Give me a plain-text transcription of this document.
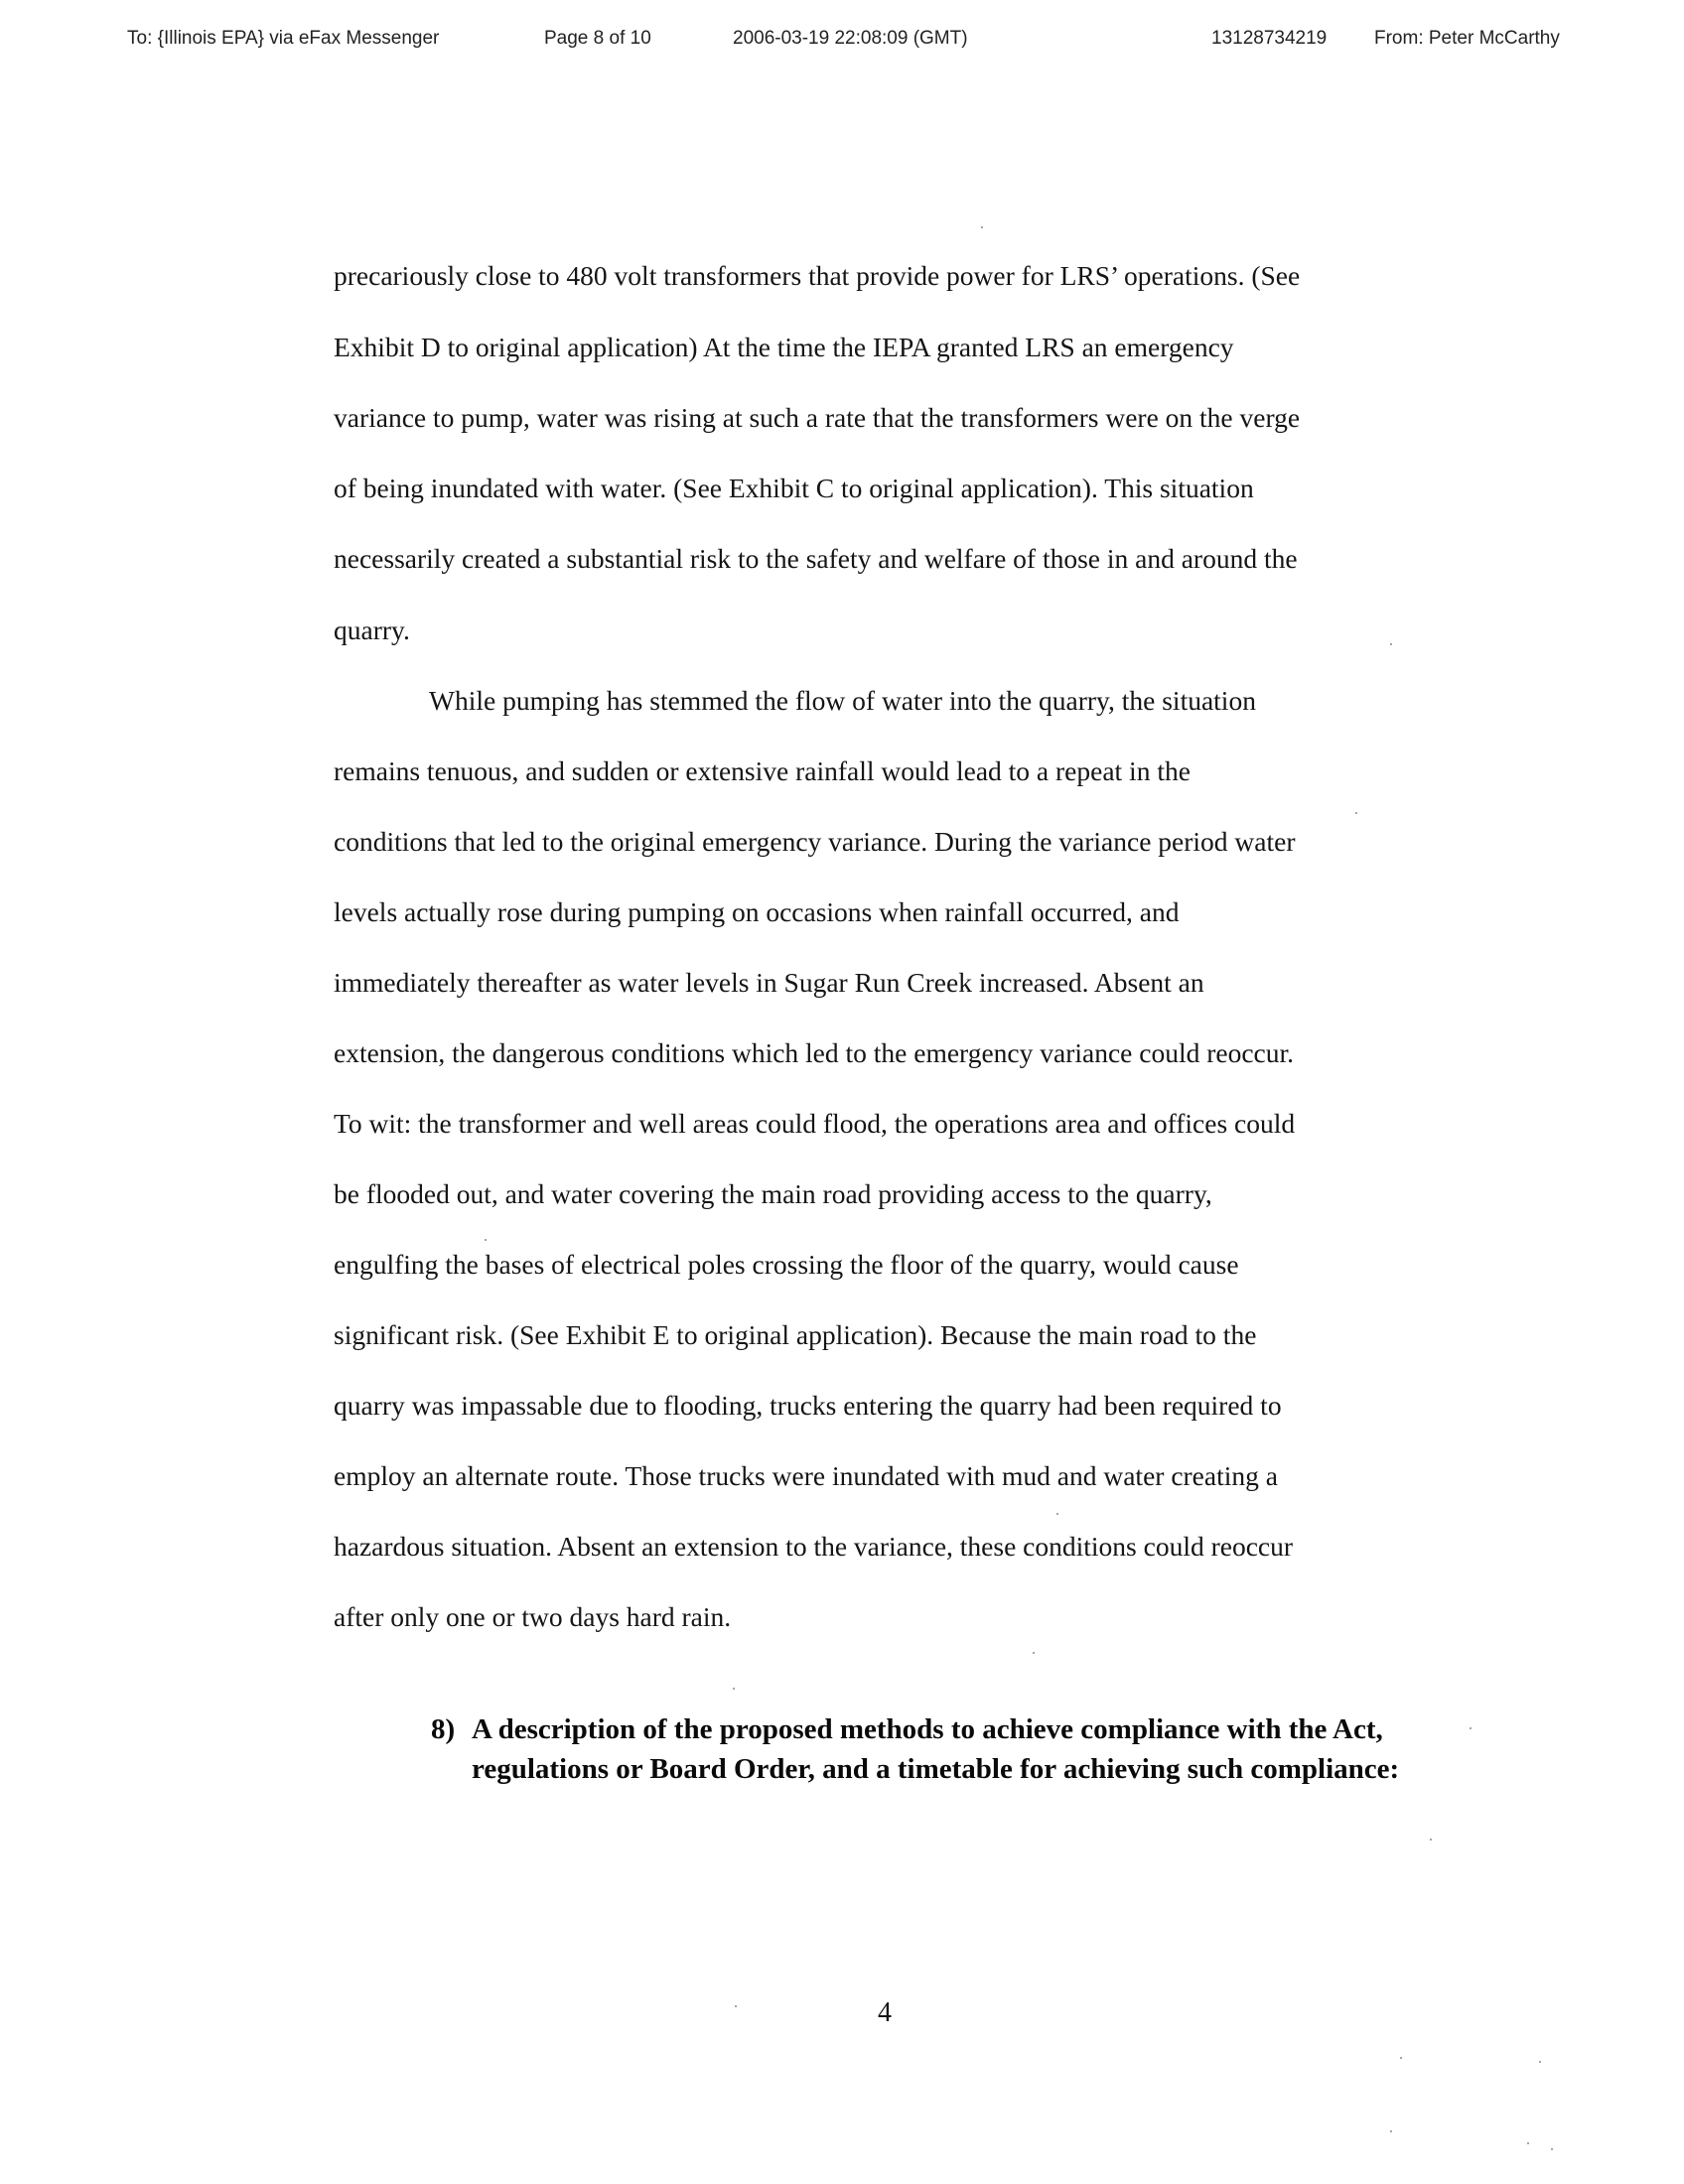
To: {Illinois EPA} via eFax Messenger	Page 8 of 10	2006-03-19 22:08:09 (GMT)	13128734219	From: Peter McCarthy
precariously close to 480 volt transformers that provide power for LRS’ operations. (See
Exhibit D to original application) At the time the IEPA granted LRS an emergency
variance to pump, water was rising at such a rate that the transformers were on the verge
of being inundated with water. (See Exhibit C to original application). This situation
necessarily created a substantial risk to the safety and welfare of those in and around the
quarry.
While pumping has stemmed the flow of water into the quarry, the situation
remains tenuous, and sudden or extensive rainfall would lead to a repeat in the
conditions that led to the original emergency variance. During the variance period water
levels actually rose during pumping on occasions when rainfall occurred, and
immediately thereafter as water levels in Sugar Run Creek increased. Absent an
extension, the dangerous conditions which led to the emergency variance could reoccur.
To wit: the transformer and well areas could flood, the operations area and offices could
be flooded out, and water covering the main road providing access to the quarry,
engulfing the bases of electrical poles crossing the floor of the quarry, would cause
significant risk. (See Exhibit E to original application). Because the main road to the
quarry was impassable due to flooding, trucks entering the quarry had been required to
employ an alternate route. Those trucks were inundated with mud and water creating a
hazardous situation. Absent an extension to the variance, these conditions could reoccur
after only one or two days hard rain.
8) A description of the proposed methods to achieve compliance with the Act, regulations or Board Order, and a timetable for achieving such compliance:
4
